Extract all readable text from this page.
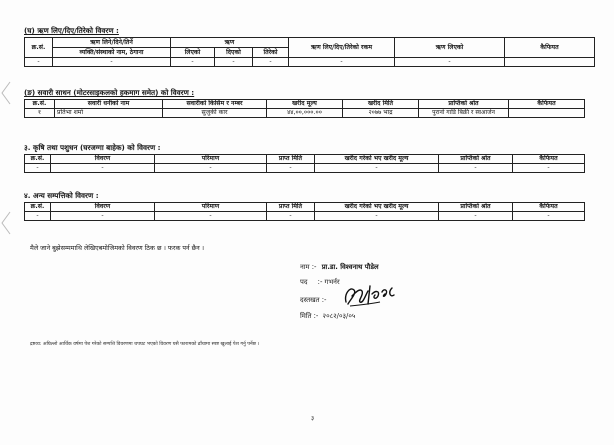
(घ) ऋण लिए/दिए/तिरेको विवरण :
क्र.सं.	ऋण लिने/दिने/तिर्ने	ऋण			ऋण लिए/दिए/तिरेको रकम	ऋण लिएको	कैफियत
	व्यक्ति/संस्थाको नाम, ठेगाना	लिएको	दिएको	तिरेको			
-	-	-	-	-	-	-	
(ङ) सवारी साधन (मोटरसाइकलको हकमाग समेत) को विवरण :
क्र.सं.	सवारी धनीको नाम	सवारीको किसिम र नम्बर	खरीद मूल्य	खरीद मिति	प्राप्तिको श्रोत	कैफियत
१	प्रतिभा शर्मा	सुजुकी कार	४४,००,०००.००	२०७७ भाद्र	पुरानो गाडि बिक्री र स्वआर्जन	
३. कृषि तथा पशुधन (घरजग्गा बाहेक) को विवरण :
क्र.सं.	विवरण	परिमाण	प्राप्त मिति	खरीद गरेको भए खरीद मूल्य	प्राप्तिको श्रोत	कैफियत
-	-	-	-	-	-	-
४. अन्य सम्पत्तिको विवरण :
क्र.सं.	विवरण	परिमाण	प्राप्त मिति	खरीद गरेको भए खरीद मूल्य	प्राप्तिको श्रोत	कैफियत
-	-	-	-	-	-	-
मैले जाने बुझेसम्ममाथि लेखिएबमोजिमको विवरण ठिक छ । फरक पर्न छैन ।
नाम :- प्रा.डा. विश्वनाथ पौडेल
पद :- गभर्नर
दस्तखत :-
मिति :- २०८२/०३/०५
द्रष्टव्य: अघिल्लो आर्थिक वर्षमा पेश गरेको सम्पत्ति विवरणमा थपघट भएको विवरण यसै फारामको ढाँचामा स्पष्ट खुलाई पेश गर्नु पर्नेछ ।
३
